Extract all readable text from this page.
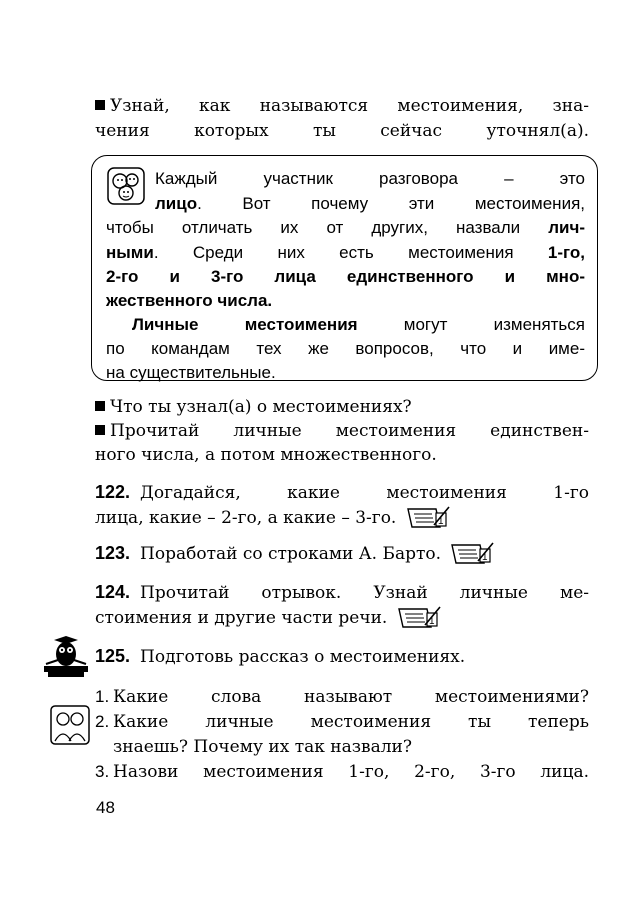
Узнай, как называются местоимения, зна-
чения которых ты сейчас уточнял(а).
Каждый участник разговора – это
лицо. Вот почему эти местоимения,
чтобы отличать их от других, назвали лич-
ными. Среди них есть местоимения 1-го,
2-го и 3-го лица единственного и мно-
жественного числа.
Личные местоимения	могут изменяться
по командам тех же вопросов, что и име-
на существительные.
Что ты узнал(а) о местоимениях?
Прочитай личные местоимения единствен-
ного числа, а потом множественного.
122. Догадайся, какие местоимения 1-го
лица, какие – 2-го, а какие – 3-го.	1
123. Поработай со строками А. Барто.	1
124. Прочитай отрывок. Узнай личные ме-
стоимения и другие части речи.	1
125. Подготовь рассказ о местоимениях.
1. Какие слова называют местоимениями?
2. Какие личные местоимения ты теперь
знаешь? Почему их так назвали?
3. Назови местоимения 1-го, 2-го, 3-го лица.
48
